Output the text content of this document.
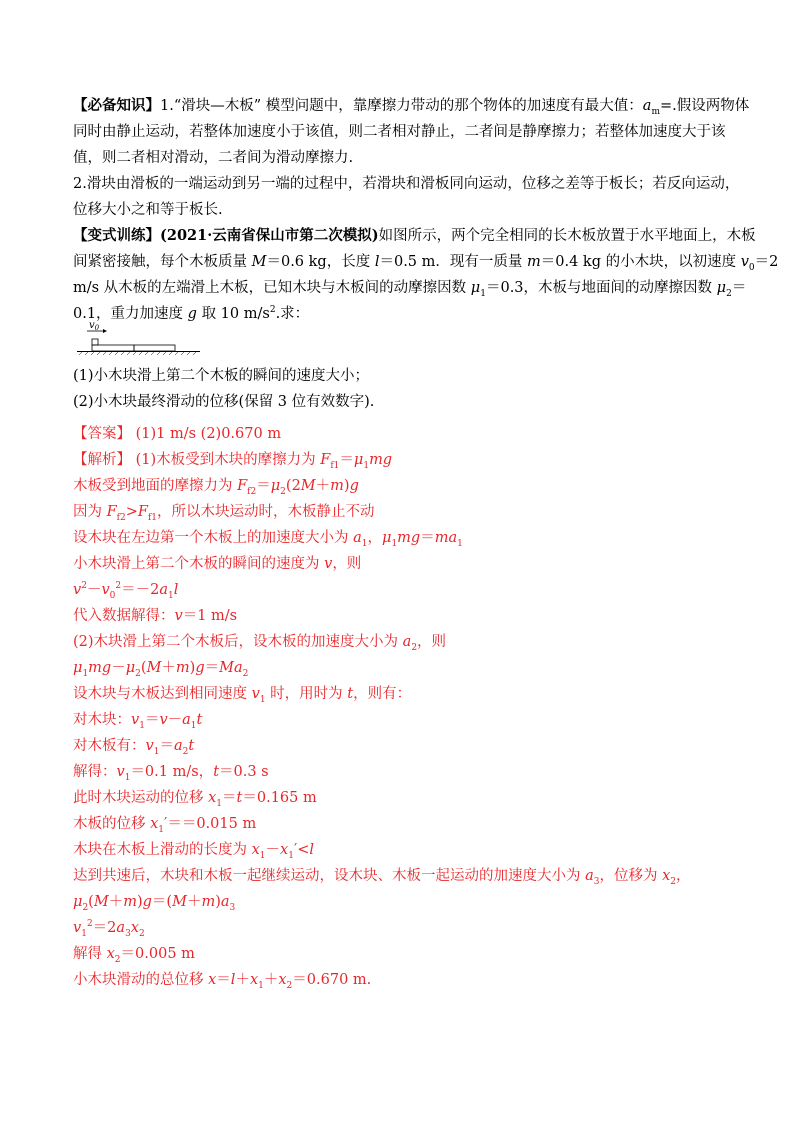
【必备知识】1.“滑块—木板” 模型问题中，靠摩擦力带动的那个物体的加速度有最大值：$a_m=$.假设两物体
同时由静止运动，若整体加速度小于该值，则二者相对静止，二者间是静摩擦力；若整体加速度大于该
值，则二者相对滑动，二者间为滑动摩擦力.
2.滑块由滑板的一端运动到另一端的过程中，若滑块和滑板同向运动，位移之差等于板长；若反向运动，
位移大小之和等于板长.
【变式训练】(2021·云南省保山市第二次模拟)如图所示，两个完全相同的长木板放置于水平地面上，木板
间紧密接触，每个木板质量 M＝0.6 kg，长度 l＝0.5 m．现有一质量 m＝0.4 kg 的小木块，以初速度 $v_0=2$
m/s 从木板的左端滑上木板，已知木块与木板间的动摩擦因数 $\mu_1=0.3$，木板与地面间的动摩擦因数 $\mu_2=$
0.1，重力加速度 g 取 10 $m/s^2$.求：
$v_0$
(1)小木块滑上第二个木板的瞬间的速度大小；
(2)小木块最终滑动的位移(保留 3 位有效数字).
【答案】 (1)1 m/s (2)0.670 m
【解析】 (1)木板受到木块的摩擦力为 $F_{f1}=\mu_1mg$
木板受到地面的摩擦力为 $F_{f2}=\mu_2(2M+m)g$
因为 $F_{f2}>F_{f1}$，所以木块运动时，木板静止不动
设木块在左边第一个木板上的加速度大小为 $a_1$，$\mu_1mg=ma_1$
小木块滑上第二个木板的瞬间的速度为 v，则
$v^2-v_0^2=-2a_1l$
代入数据解得：v＝1 m/s
(2)木块滑上第二个木板后，设木板的加速度大小为 $a_2$，则
$\mu_1mg-\mu_2(M+m)g=Ma_2$
设木块与木板达到相同速度 $v_1$ 时，用时为 t，则有：
对木块：$v_1=v-a_1t$
对木板有：$v_1=a_2t$
解得：$v_1=0.1$ m/s，t＝0.3 s
此时木块运动的位移 $x_1=t=0.165$ m
木板的位移 $x_1'==0.015$ m
木块在木板上滑动的长度为 $x_1-x_1'<l$
达到共速后，木块和木板一起继续运动，设木块、木板一起运动的加速度大小为 $a_3$，位移为 $x_2$，
$\mu_2(M+m)g=(M+m)a_3$
$v_1^2=2a_3x_2$
解得 $x_2=0.005$ m
小木块滑动的总位移 $x=l+x_1+x_2=0.670$ m.
